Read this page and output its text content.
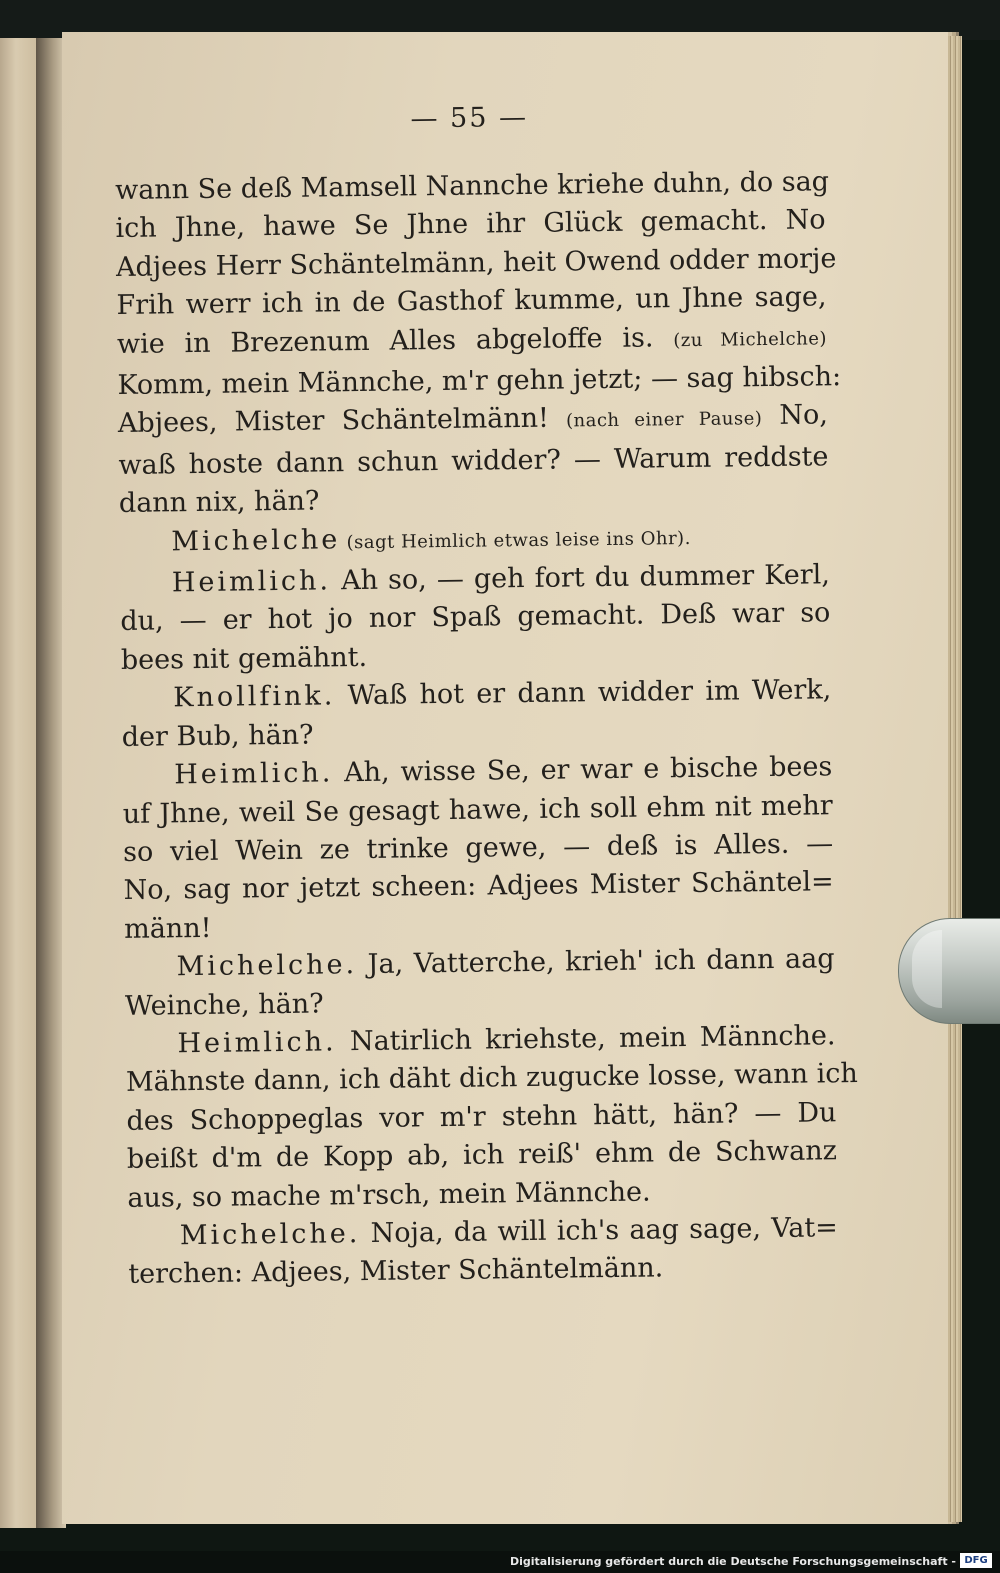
— 55 —
wann Se deß Mamsell Nannche kriehe duhn, do sag
ich Jhne, hawe Se Jhne ihr Glück gemacht. No
Adjees Herr Schäntelmänn, heit Owend odder morje
Frih werr ich in de Gasthof kumme, un Jhne sage,
wie in Brezenum Alles abgeloffe is. (zu Michelche)
Komm, mein Männche, m'r gehn jetzt; — sag hibsch:
Abjees, Mister Schäntelmänn! (nach einer Pause) No,
waß hoste dann schun widder? — Warum reddste
dann nix, hän?
Michelche (sagt Heimlich etwas leise ins Ohr).
Heimlich. Ah so, — geh fort du dummer Kerl,
du, — er hot jo nor Spaß gemacht. Deß war so
bees nit gemähnt.
Knollfink. Waß hot er dann widder im Werk,
der Bub, hän?
Heimlich. Ah, wisse Se, er war e bische bees
uf Jhne, weil Se gesagt hawe, ich soll ehm nit mehr
so viel Wein ze trinke gewe, — deß is Alles. —
No, sag nor jetzt scheen: Adjees Mister Schäntel=
männ!
Michelche. Ja, Vatterche, krieh' ich dann aag
Weinche, hän?
Heimlich. Natirlich kriehste, mein Männche.
Mähnste dann, ich däht dich zugucke losse, wann ich
des Schoppeglas vor m'r stehn hätt, hän? — Du
beißt d'm de Kopp ab, ich reiß' ehm de Schwanz
aus, so mache m'rsch, mein Männche.
Michelche. Noja, da will ich's aag sage, Vat=
terchen: Adjees, Mister Schäntelmänn.
Digitalisierung gefördert durch die Deutsche Forschungsgemeinschaft - DFG
